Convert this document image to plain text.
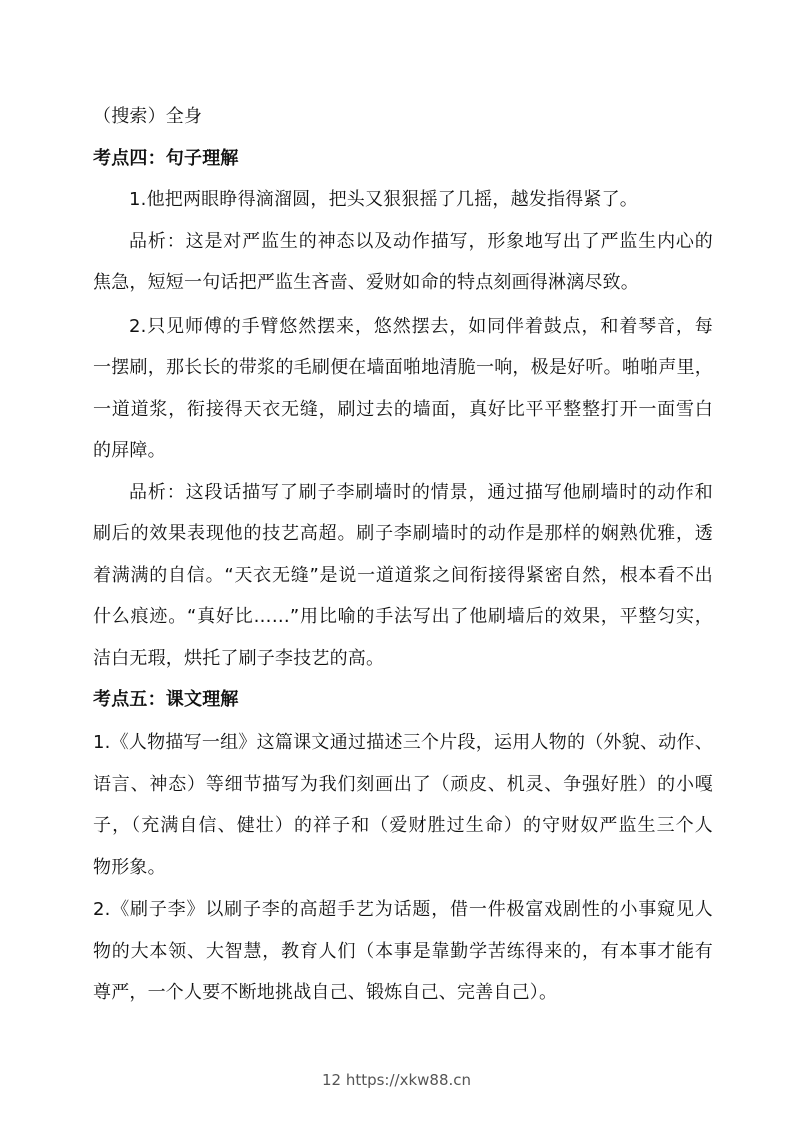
（搜索）全身
考点四：句子理解
1.他把两眼睁得滴溜圆，把头又狠狠摇了几摇，越发指得紧了。
品析：这是对严监生的神态以及动作描写，形象地写出了严监生内心的
焦急，短短一句话把严监生吝啬、爱财如命的特点刻画得淋漓尽致。
2.只见师傅的手臂悠然摆来，悠然摆去，如同伴着鼓点，和着琴音，每
一摆刷，那长长的带浆的毛刷便在墙面啪地清脆一响，极是好听。啪啪声里，
一道道浆，衔接得天衣无缝，刷过去的墙面，真好比平平整整打开一面雪白
的屏障。
品析：这段话描写了刷子李刷墙时的情景，通过描写他刷墙时的动作和
刷后的效果表现他的技艺高超。刷子李刷墙时的动作是那样的娴熟优雅，透
着满满的自信。“天衣无缝”是说一道道浆之间衔接得紧密自然，根本看不出
什么痕迹。“真好比……”用比喻的手法写出了他刷墙后的效果，平整匀实，
洁白无瑕，烘托了刷子李技艺的高。
考点五：课文理解
1.《人物描写一组》这篇课文通过描述三个片段，运用人物的（外貌、动作、
语言、神态）等细节描写为我们刻画出了（顽皮、机灵、争强好胜）的小嘎
子，（充满自信、健壮）的祥子和（爱财胜过生命）的守财奴严监生三个人
物形象。
2.《刷子李》以刷子李的高超手艺为话题，借一件极富戏剧性的小事窥见人
物的大本领、大智慧，教育人们（本事是靠勤学苦练得来的，有本事才能有
尊严，一个人要不断地挑战自己、锻炼自己、完善自己）。
12 https://xkw88.cn
